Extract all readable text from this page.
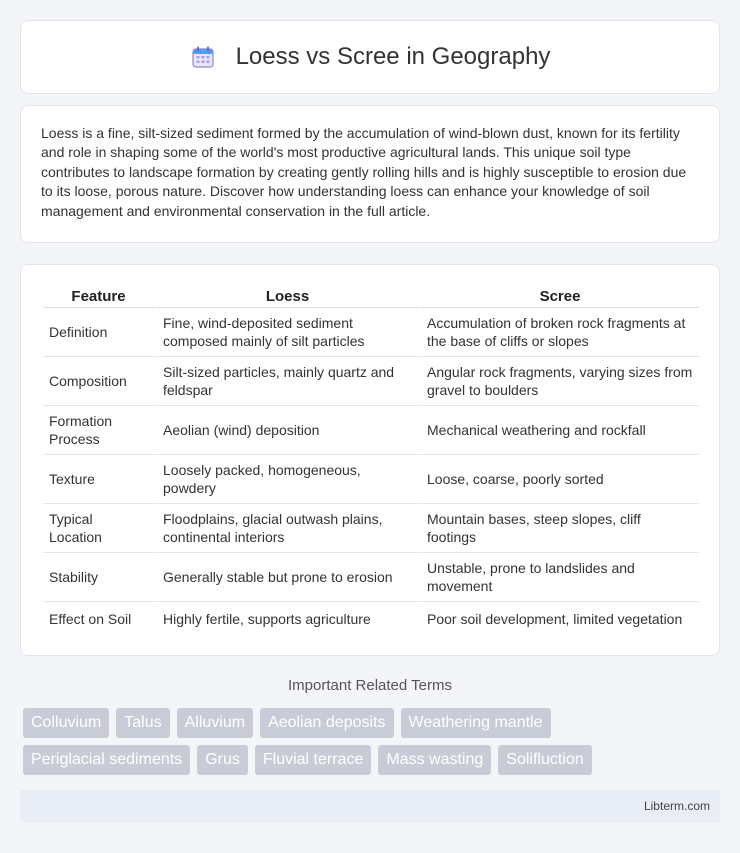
Loess vs Scree in Geography

Loess is a fine, silt-sized sediment formed by the accumulation of wind-blown dust, known for its fertility and role in shaping some of the world's most productive agricultural lands. This unique soil type contributes to landscape formation by creating gently rolling hills and is highly susceptible to erosion due to its loose, porous nature. Discover how understanding loess can enhance your knowledge of soil management and environmental conservation in the full article.

Feature	Loess	Scree
Definition	Fine, wind-deposited sediment composed mainly of silt particles	Accumulation of broken rock fragments at the base of cliffs or slopes
Composition	Silt-sized particles, mainly quartz and feldspar	Angular rock fragments, varying sizes from gravel to boulders
Formation Process	Aeolian (wind) deposition	Mechanical weathering and rockfall
Texture	Loosely packed, homogeneous, powdery	Loose, coarse, poorly sorted
Typical Location	Floodplains, glacial outwash plains, continental interiors	Mountain bases, steep slopes, cliff footings
Stability	Generally stable but prone to erosion	Unstable, prone to landslides and movement
Effect on Soil	Highly fertile, supports agriculture	Poor soil development, limited vegetation
Important Related Terms
Colluvium	Talus	Alluvium	Aeolian deposits	Weathering mantle
Periglacial sediments	Grus	Fluvial terrace	Mass wasting	Solifluction
Libterm.com
